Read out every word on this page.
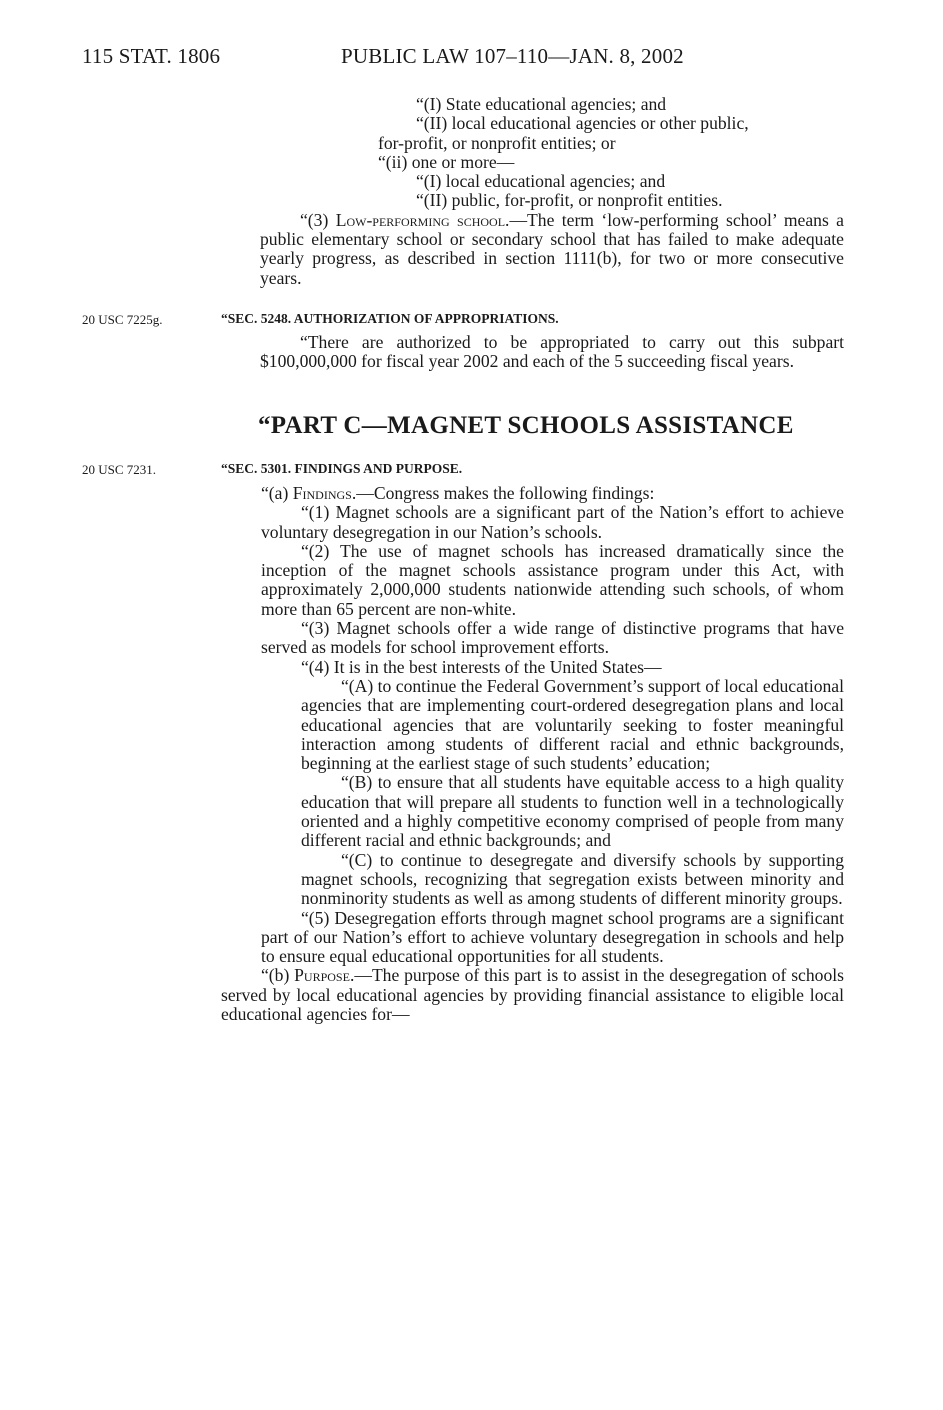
115 STAT. 1806	PUBLIC LAW 107–110—JAN. 8, 2002

“(I) State educational agencies; and

“(II) local educational agencies or other public,

for-profit, or nonprofit entities; or

“(ii) one or more—

“(I) local educational agencies; and

“(II) public, for-profit, or nonprofit entities.

“(3) Low-performing school.—The term ‘low-performing school’ means a public elementary school or secondary school that has failed to make adequate yearly progress, as described in section 1111(b), for two or more consecutive years.

20 USC 7225g.	“SEC. 5248. AUTHORIZATION OF APPROPRIATIONS.

“There are authorized to be appropriated to carry out this subpart $100,000,000 for fiscal year 2002 and each of the 5 succeeding fiscal years.

“PART C—MAGNET SCHOOLS ASSISTANCE
20 USC 7231.	“SEC. 5301. FINDINGS AND PURPOSE.

“(a) Findings.—Congress makes the following findings:

“(1) Magnet schools are a significant part of the Nation’s effort to achieve voluntary desegregation in our Nation’s schools.

“(2) The use of magnet schools has increased dramatically since the inception of the magnet schools assistance program under this Act, with approximately 2,000,000 students nationwide attending such schools, of whom more than 65 percent are non-white.

“(3) Magnet schools offer a wide range of distinctive programs that have served as models for school improvement efforts.

“(4) It is in the best interests of the United States—

“(A) to continue the Federal Government’s support of local educational agencies that are implementing court-ordered desegregation plans and local educational agencies that are voluntarily seeking to foster meaningful interaction among students of different racial and ethnic backgrounds, beginning at the earliest stage of such students’ education;

“(B) to ensure that all students have equitable access to a high quality education that will prepare all students to function well in a technologically oriented and a highly competitive economy comprised of people from many different racial and ethnic backgrounds; and

“(C) to continue to desegregate and diversify schools by supporting magnet schools, recognizing that segregation exists between minority and nonminority students as well as among students of different minority groups.

“(5) Desegregation efforts through magnet school programs are a significant part of our Nation’s effort to achieve voluntary desegregation in schools and help to ensure equal educational opportunities for all students.

“(b) Purpose.—The purpose of this part is to assist in the desegregation of schools served by local educational agencies by providing financial assistance to eligible local educational agencies for—
